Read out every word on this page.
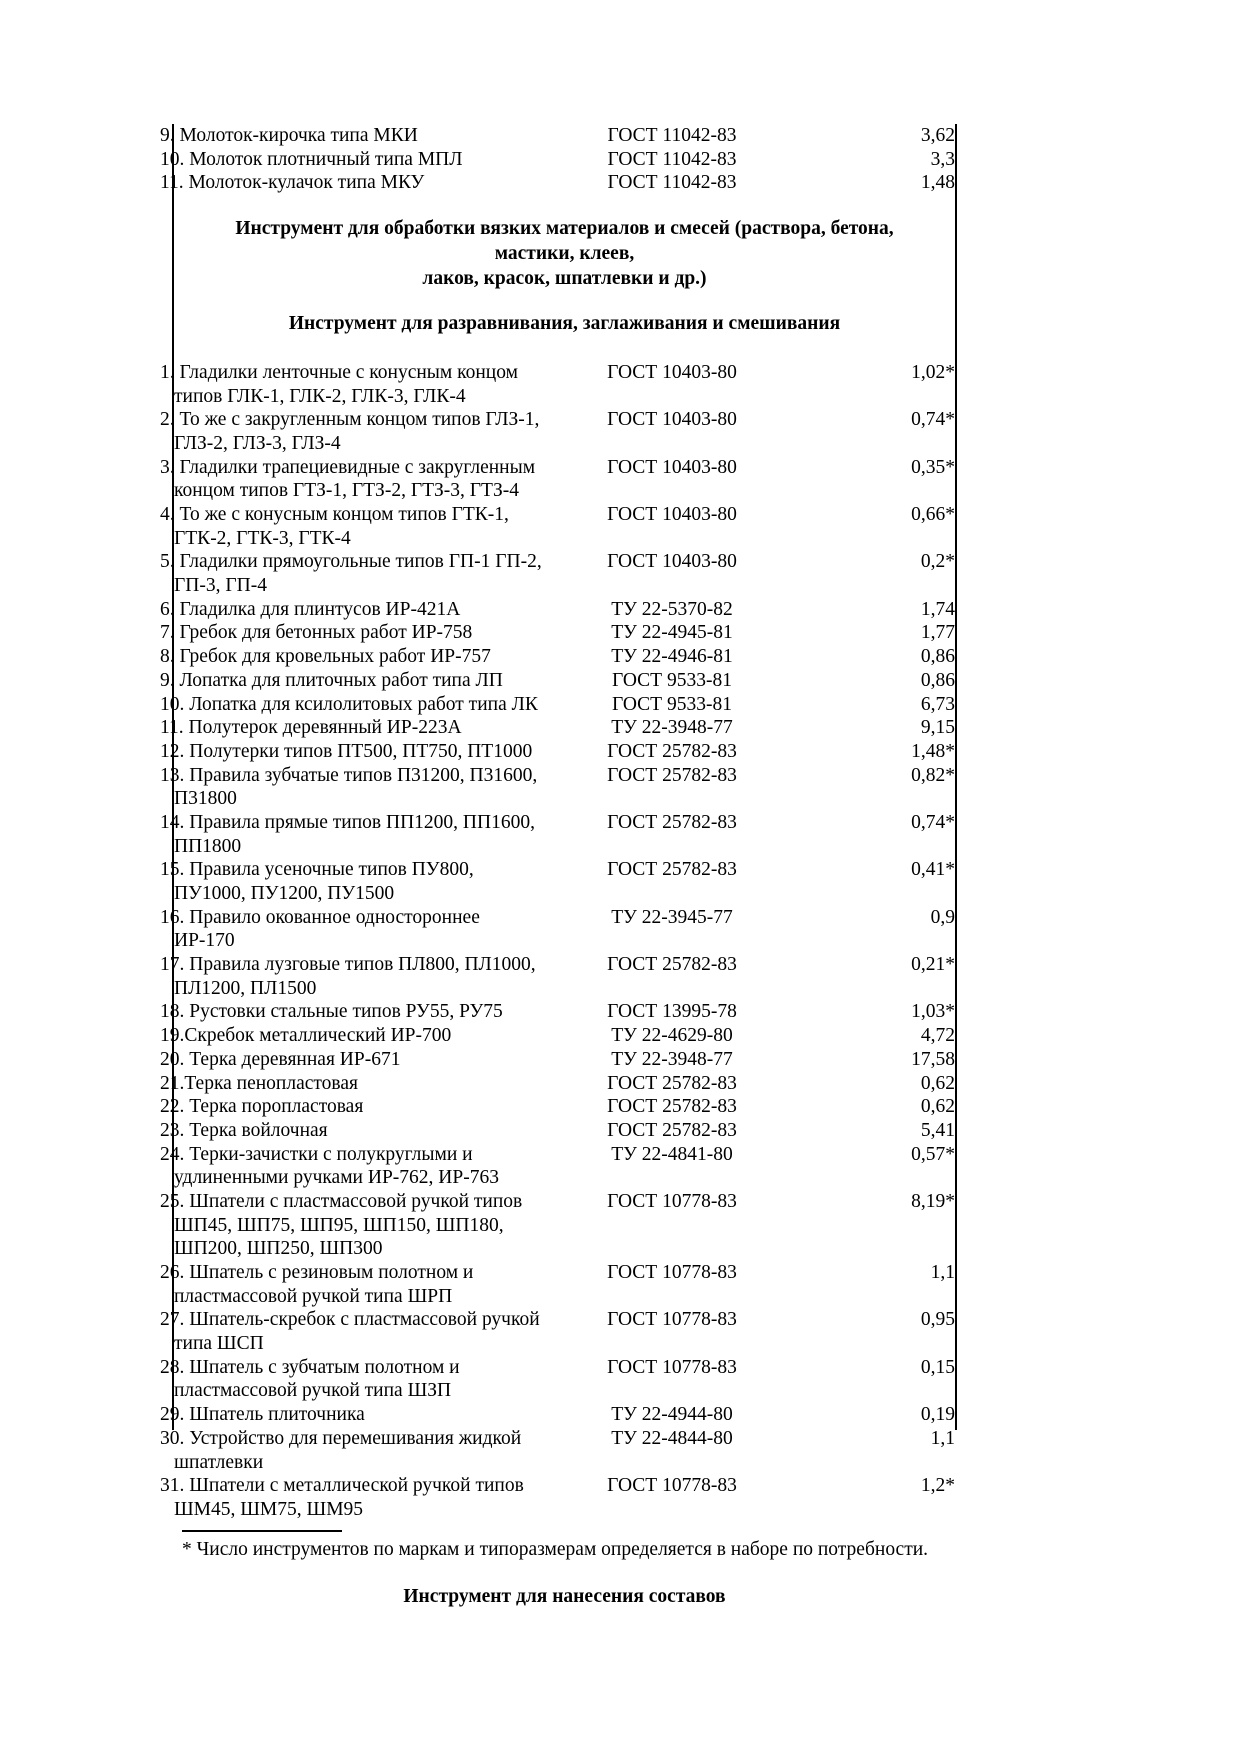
9. Молоток-кирочка типа МКИ	ГОСТ 11042-83	3,62
10. Молоток плотничный типа МПЛ	ГОСТ 11042-83	3,3
11. Молоток-кулачок типа МКУ	ГОСТ 11042-83	1,48
Инструмент для обработки вязких материалов и смесей (раствора, бетона, мастики, клеев,
лаков, красок, шпатлевки и др.)
Инструмент для разравнивания, заглаживания и смешивания
1. Гладилки ленточные с конусным концом типов ГЛК-1, ГЛК-2, ГЛК-3, ГЛК-4	ГОСТ 10403-80	1,02*
2. То же с закругленным концом типов ГЛЗ-1, ГЛЗ-2, ГЛЗ-3, ГЛЗ-4	ГОСТ 10403-80	0,74*
3. Гладилки трапециевидные с закругленным концом типов ГТЗ-1, ГТЗ-2, ГТЗ-3, ГТЗ-4	ГОСТ 10403-80	0,35*
4. То же с конусным концом типов ГТК-1, ГТК-2, ГТК-3, ГТК-4	ГОСТ 10403-80	0,66*
5. Гладилки прямоугольные типов ГП-1 ГП-2, ГП-3, ГП-4	ГОСТ 10403-80	0,2*
6. Гладилка для плинтусов ИР-421А	ТУ 22-5370-82	1,74
7. Гребок для бетонных работ ИР-758	ТУ 22-4945-81	1,77
8. Гребок для кровельных работ ИР-757	ТУ 22-4946-81	0,86
9. Лопатка для плиточных работ типа ЛП	ГОСТ 9533-81	0,86
10. Лопатка для ксилолитовых работ типа ЛК	ГОСТ 9533-81	6,73
11. Полутерок деревянный ИР-223А	ТУ 22-3948-77	9,15
12. Полутерки типов ПТ500, ПТ750, ПТ1000	ГОСТ 25782-83	1,48*
13. Правила зубчатые типов П31200, П31600, П31800	ГОСТ 25782-83	0,82*
14. Правила прямые типов ПП1200, ПП1600, ПП1800	ГОСТ 25782-83	0,74*
15. Правила усеночные типов ПУ800, ПУ1000, ПУ1200, ПУ1500	ГОСТ 25782-83	0,41*
16. Правило окованное одностороннее ИР-170	ТУ 22-3945-77	0,9
17. Правила лузговые типов ПЛ800, ПЛ1000, ПЛ1200, ПЛ1500	ГОСТ 25782-83	0,21*
18. Рустовки стальные типов РУ55, РУ75	ГОСТ 13995-78	1,03*
19.Скребок металлический ИР-700	ТУ 22-4629-80	4,72
20. Терка деревянная ИР-671	ТУ 22-3948-77	17,58
21.Терка пенопластовая	ГОСТ 25782-83	0,62
22. Терка поропластовая	ГОСТ 25782-83	0,62
23. Терка войлочная	ГОСТ 25782-83	5,41
24. Терки-зачистки с полукруглыми и удлиненными ручками ИР-762, ИР-763	ТУ 22-4841-80	0,57*
25. Шпатели с пластмассовой ручкой типов ШП45, ШП75, ШП95, ШП150, ШП180, ШП200, ШП250, ШП300	ГОСТ 10778-83	8,19*
26. Шпатель с резиновым полотном и пластмассовой ручкой типа ШРП	ГОСТ 10778-83	1,1
27. Шпатель-скребок с пластмассовой ручкой типа ШСП	ГОСТ 10778-83	0,95
28. Шпатель с зубчатым полотном и пластмассовой ручкой типа ШЗП	ГОСТ 10778-83	0,15
29. Шпатель плиточника	ТУ 22-4944-80	0,19
30. Устройство для перемешивания жидкой шпатлевки	ТУ 22-4844-80	1,1
31. Шпатели с металлической ручкой типов ШМ45, ШМ75, ШМ95	ГОСТ 10778-83	1,2*
* Число инструментов по маркам и типоразмерам определяется в наборе по потребности.
Инструмент для нанесения составов
